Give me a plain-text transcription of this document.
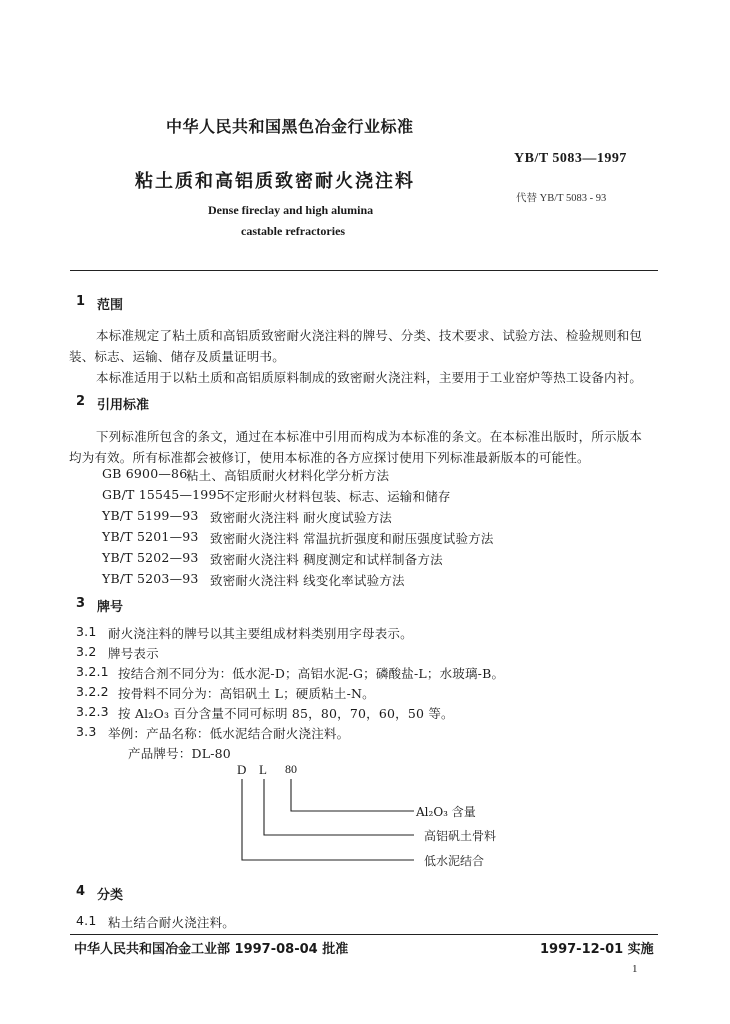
中华人民共和国黑色冶金行业标准
YB/T 5083—1997
粘土质和高铝质致密耐火浇注料
代替 YB/T 5083 - 93
Dense fireclay and high alumina
castable refractories
1 范围
本标准规定了粘土质和高铝质致密耐火浇注料的牌号、分类、技术要求、试验方法、检验规则和包
装、标志、运输、储存及质量证明书。
本标准适用于以粘土质和高铝质原料制成的致密耐火浇注料，主要用于工业窑炉等热工设备内衬。
2 引用标准
下列标准所包含的条文，通过在本标准中引用而构成为本标准的条文。在本标准出版时，所示版本
均为有效。所有标准都会被修订，使用本标准的各方应探讨使用下列标准最新版本的可能性。
GB 6900—86
粘土、高铝质耐火材料化学分析方法
GB/T 15545—1995
不定形耐火材料包装、标志、运输和储存
YB/T 5199—93 致密耐火浇注料 耐火度试验方法
YB/T 5201—93 致密耐火浇注料 常温抗折强度和耐压强度试验方法
YB/T 5202—93 致密耐火浇注料 稠度测定和试样制备方法
YB/T 5203—93 致密耐火浇注料 线变化率试验方法
3 牌号
3.1 耐火浇注料的牌号以其主要组成材料类别用字母表示。
3.2 牌号表示
3.2.1 按结合剂不同分为：低水泥-D；高铝水泥-G；磷酸盐-L；水玻璃-B。
3.2.2 按骨料不同分为：高铝矾土 L；硬质粘土-N。
3.2.3 按 Al₂O₃ 百分含量不同可标明 85，80，70，60，50 等。
3.3 举例：产品名称：低水泥结合耐火浇注料。
产品牌号：DL-80
D L 80
Al₂O₃ 含量
高铝矾土骨料
低水泥结合
4 分类
4.1 粘土结合耐火浇注料。
中华人民共和国冶金工业部 1997-08-04 批准	1997-12-01 实施
1
